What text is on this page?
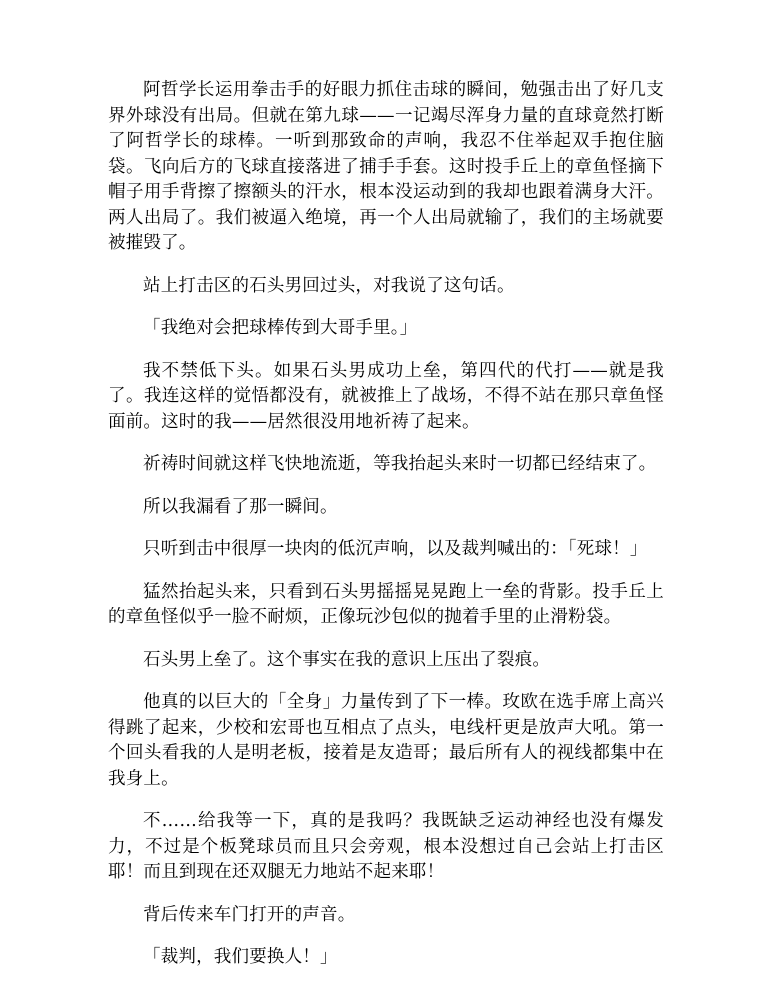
阿哲学长运用拳击手的好眼力抓住击球的瞬间，勉强击出了好几支界外球没有出局。但就在第九球——一记竭尽浑身力量的直球竟然打断了阿哲学长的球棒。一听到那致命的声响，我忍不住举起双手抱住脑袋。飞向后方的飞球直接落进了捕手手套。这时投手丘上的章鱼怪摘下帽子用手背擦了擦额头的汗水，根本没运动到的我却也跟着满身大汗。两人出局了。我们被逼入绝境，再一个人出局就输了，我们的主场就要被摧毁了。

站上打击区的石头男回过头，对我说了这句话。

「我绝对会把球棒传到大哥手里。」

我不禁低下头。如果石头男成功上垒，第四代的代打——就是我了。我连这样的觉悟都没有，就被推上了战场，不得不站在那只章鱼怪面前。这时的我——居然很没用地祈祷了起来。

祈祷时间就这样飞快地流逝，等我抬起头来时一切都已经结束了。

所以我漏看了那一瞬间。

只听到击中很厚一块肉的低沉声响，以及裁判喊出的：「死球！」

猛然抬起头来，只看到石头男摇摇晃晃跑上一垒的背影。投手丘上的章鱼怪似乎一脸不耐烦，正像玩沙包似的抛着手里的止滑粉袋。

石头男上垒了。这个事实在我的意识上压出了裂痕。

他真的以巨大的「全身」力量传到了下一棒。玫欧在选手席上高兴得跳了起来，少校和宏哥也互相点了点头，电线杆更是放声大吼。第一个回头看我的人是明老板，接着是友造哥；最后所有人的视线都集中在我身上。

不……给我等一下，真的是我吗？我既缺乏运动神经也没有爆发力，不过是个板凳球员而且只会旁观，根本没想过自己会站上打击区耶！而且到现在还双腿无力地站不起来耶！

背后传来车门打开的声音。

「裁判，我们要换人！」
